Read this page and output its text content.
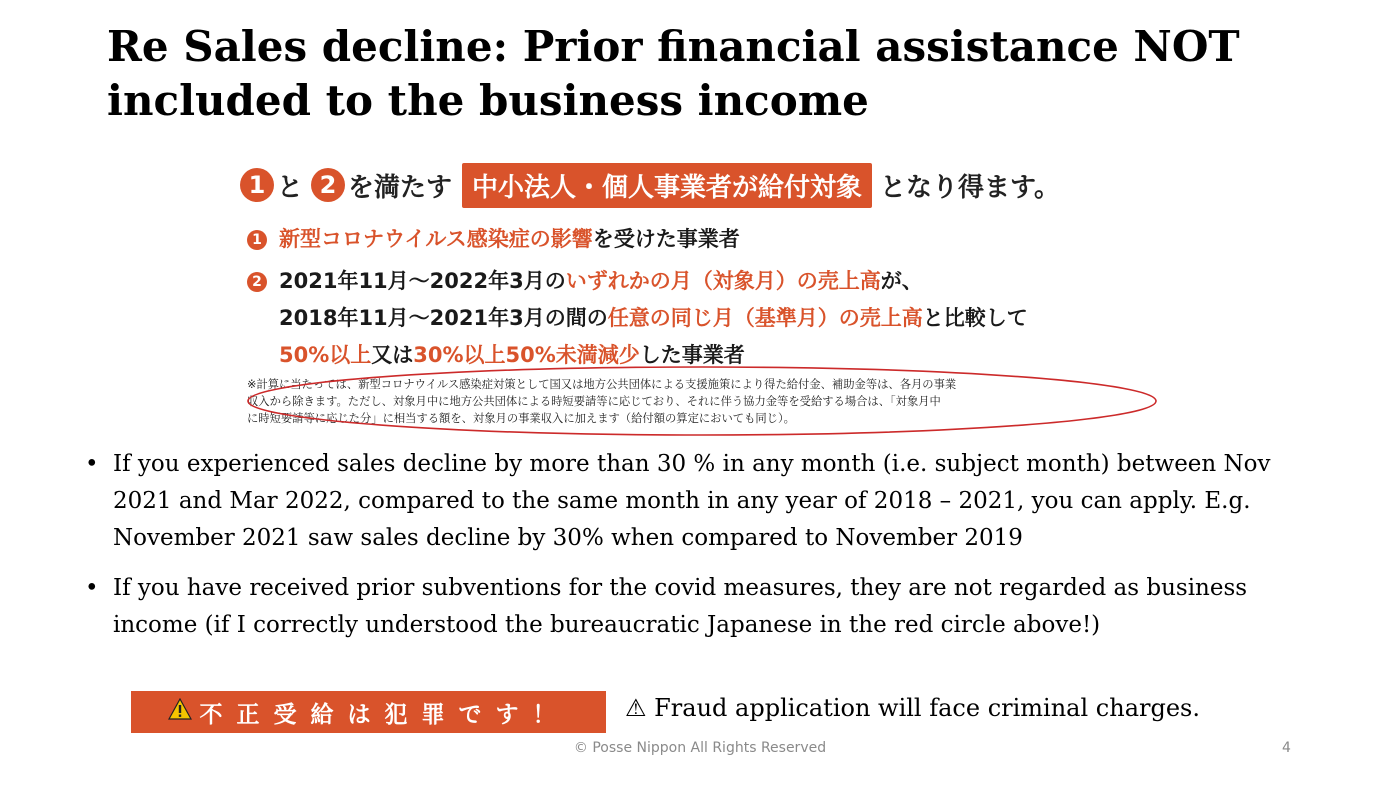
Re Sales decline: Prior financial assistance NOT included to the business income
1 と 2 を満たす 中小法人・個人事業者が給付対象 となり得ます。
1 新型コロナウイルス感染症の影響を受けた事業者
2 2021年11月～2022年3月のいずれかの月（対象月）の売上高が、
2018年11月～2021年3月の間の任意の同じ月（基準月）の売上高と比較して
50%以上又は30%以上50%未満減少した事業者
※計算に当たっては、新型コロナウイルス感染症対策として国又は地方公共団体による支援施策により得た給付金、補助金等は、各月の事業
収入から除きます。ただし、対象月中に地方公共団体による時短要請等に応じており、それに伴う協力金等を受給する場合は、「対象月中
に時短要請等に応じた分」に相当する額を、対象月の事業収入に加えます（給付額の算定においても同じ）。
• If you experienced sales decline by more than 30 % in any month (i.e. subject month) between Nov 2021 and Mar 2022, compared to the same month in any year of 2018 – 2021, you can apply. E.g. November 2021 saw sales decline by 30% when compared to November 2019
• If you have received prior subventions for the covid measures, they are not regarded as business income (if I correctly understood the bureaucratic Japanese in the red circle above!)
不正受給は犯罪です！ ⚠ Fraud application will face criminal charges.
© Posse Nippon All Rights Reserved	4
